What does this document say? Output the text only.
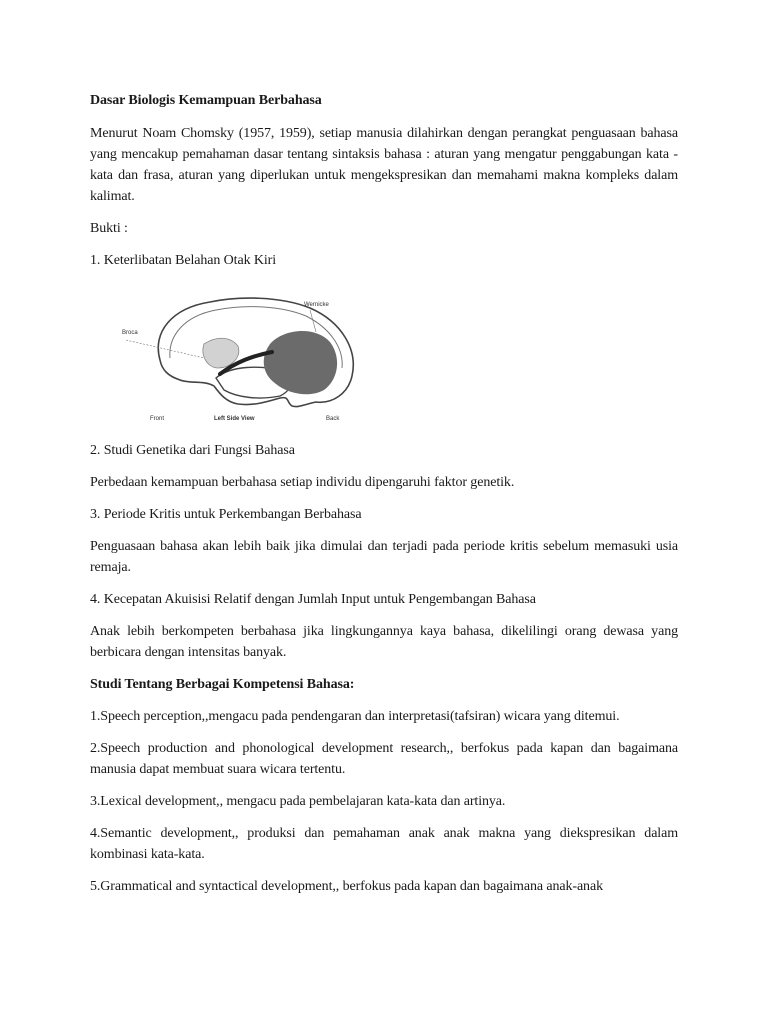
Dasar Biologis Kemampuan Berbahasa

Menurut Noam Chomsky (1957, 1959), setiap manusia dilahirkan dengan perangkat penguasaan bahasa yang mencakup pemahaman dasar tentang sintaksis bahasa : aturan yang mengatur penggabungan kata - kata dan frasa, aturan yang diperlukan untuk mengekspresikan dan memahami makna kompleks dalam kalimat.

Bukti :

1. Keterlibatan Belahan Otak Kiri

Broca
Wernicke
Front	Left Side View	Back

2. Studi Genetika dari Fungsi Bahasa

Perbedaan kemampuan berbahasa setiap individu dipengaruhi faktor genetik.

3. Periode Kritis untuk Perkembangan Berbahasa

Penguasaan bahasa akan lebih baik jika dimulai dan terjadi pada periode kritis sebelum memasuki usia remaja.

4. Kecepatan Akuisisi Relatif dengan Jumlah Input untuk Pengembangan Bahasa

Anak lebih berkompeten berbahasa jika lingkungannya kaya bahasa, dikelilingi orang dewasa yang berbicara dengan intensitas banyak.

Studi Tentang Berbagai Kompetensi Bahasa:

1.Speech perception,,mengacu pada pendengaran dan interpretasi(tafsiran) wicara yang ditemui.

2.Speech production and phonological development research,, berfokus pada kapan dan bagaimana manusia dapat membuat suara wicara tertentu.

3.Lexical development,, mengacu pada pembelajaran kata-kata dan artinya.

4.Semantic development,, produksi dan pemahaman anak anak makna yang diekspresikan dalam kombinasi kata-kata.

5.Grammatical and syntactical development,, berfokus pada kapan dan bagaimana anak-anak
